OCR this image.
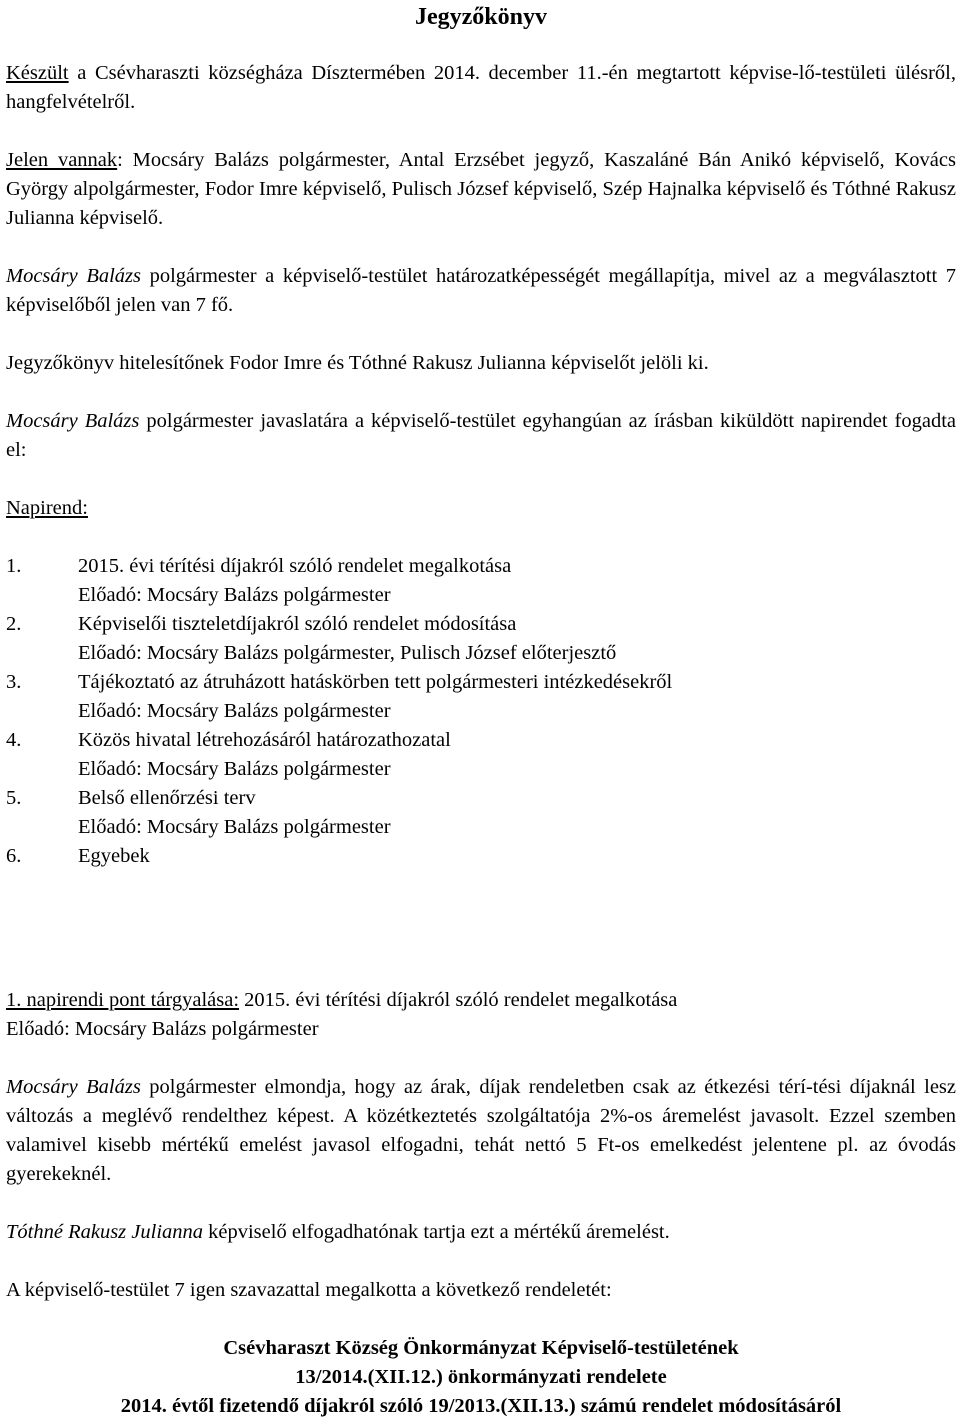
Jegyzőkönyv

Készült a Csévharaszti községháza Dísztermében 2014. december 11.-én megtartott képvise-lő-testületi ülésről, hangfelvételről.

Jelen vannak: Mocsáry Balázs polgármester, Antal Erzsébet jegyző, Kaszaláné Bán Anikó képviselő, Kovács György alpolgármester, Fodor Imre képviselő, Pulisch József képviselő, Szép Hajnalka képviselő és Tóthné Rakusz Julianna képviselő.

Mocsáry Balázs polgármester a képviselő-testület határozatképességét megállapítja, mivel az a megválasztott 7 képviselőből jelen van 7 fő.

Jegyzőkönyv hitelesítőnek Fodor Imre és Tóthné Rakusz Julianna képviselőt jelöli ki.

Mocsáry Balázs polgármester javaslatára a képviselő-testület egyhangúan az írásban kiküldött napirendet fogadta el:

Napirend:

1.	2015. évi térítési díjakról szóló rendelet megalkotása
Előadó: Mocsáry Balázs polgármester
2.	Képviselői tiszteletdíjakról szóló rendelet módosítása
Előadó: Mocsáry Balázs polgármester, Pulisch József előterjesztő
3.	Tájékoztató az átruházott hatáskörben tett polgármesteri intézkedésekről
Előadó: Mocsáry Balázs polgármester
4.	Közös hivatal létrehozásáról határozathozatal
Előadó: Mocsáry Balázs polgármester
5.	Belső ellenőrzési terv
Előadó: Mocsáry Balázs polgármester
6.	Egyebek

1. napirendi pont tárgyalása: 2015. évi térítési díjakról szóló rendelet megalkotása

Előadó: Mocsáry Balázs polgármester

Mocsáry Balázs polgármester elmondja, hogy az árak, díjak rendeletben csak az étkezési térí-tési díjaknál lesz változás a meglévő rendelthez képest. A közétkeztetés szolgáltatója 2%-os áremelést javasolt. Ezzel szemben valamivel kisebb mértékű emelést javasol elfogadni, tehát nettó 5 Ft-os emelkedést jelentene pl. az óvodás gyerekeknél.

Tóthné Rakusz Julianna képviselő elfogadhatónak tartja ezt a mértékű áremelést.

A képviselő-testület 7 igen szavazattal megalkotta a következő rendeletét:

Csévharaszt Község Önkormányzat Képviselő-testületének
13/2014.(XII.12.) önkormányzati rendelete
2014. évtől fizetendő díjakról szóló 19/2013.(XII.13.) számú rendelet módosításáról
